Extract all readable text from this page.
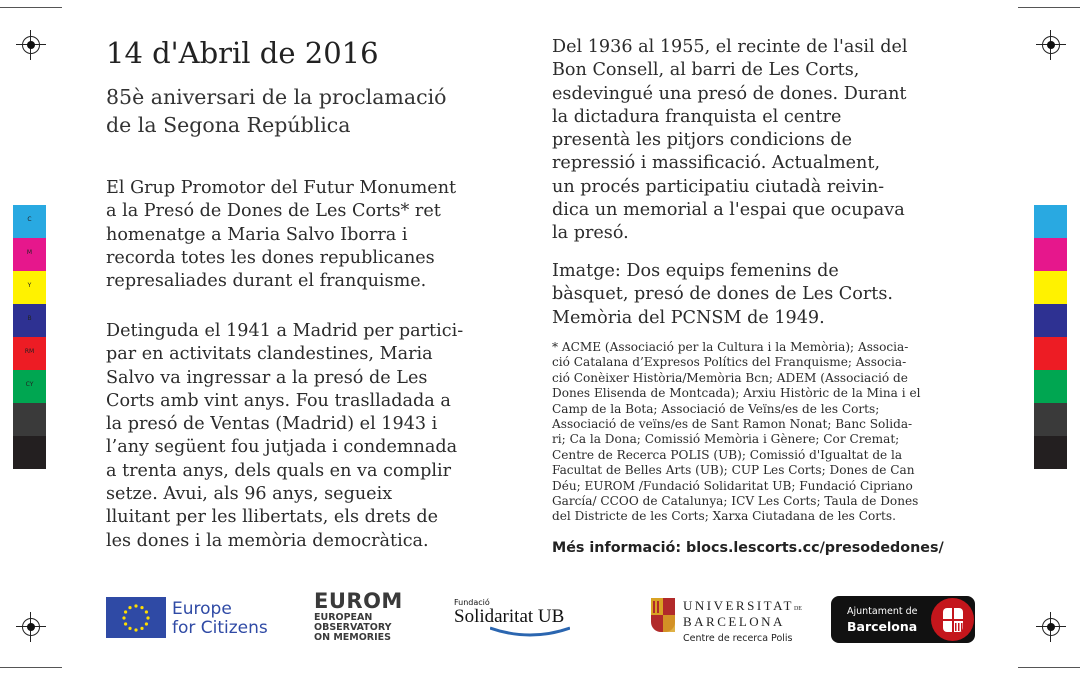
C
M
Y
B
RM
CY
14 d'Abril de 2016
85è aniversari de la proclamació
de la Segona República
El Grup Promotor del Futur Monument
a la Presó de Dones de Les Corts* ret
homenatge a Maria Salvo Iborra i
recorda totes les dones republicanes
represaliades durant el franquisme.
Detinguda el 1941 a Madrid per partici-
par en activitats clandestines, Maria
Salvo va ingressar a la presó de Les
Corts amb vint anys. Fou traslladada a
la presó de Ventas (Madrid) el 1943 i
l’any següent fou jutjada i condemnada
a trenta anys, dels quals en va complir
setze. Avui, als 96 anys, segueix
lluitant per les llibertats, els drets de
les dones i la memòria democràtica.
Del 1936 al 1955, el recinte de l'asil del
Bon Consell, al barri de Les Corts,
esdevingué una presó de dones. Durant
la dictadura franquista el centre
presentà les pitjors condicions de
repressió i massificació. Actualment,
un procés participatiu ciutadà reivin-
dica un memorial a l'espai que ocupava
la presó.
Imatge: Dos equips femenins de
bàsquet, presó de dones de Les Corts.
Memòria del PCNSM de 1949.
* ACME (Associació per la Cultura i la Memòria); Associa-
ció Catalana d’Expresos Polítics del Franquisme; Associa-
ció Conèixer Història/Memòria Bcn; ADEM (Associació de
Dones Elisenda de Montcada); Arxiu Històric de la Mina i el
Camp de la Bota; Associació de Veïns/es de les Corts;
Associació de veïns/es de Sant Ramon Nonat; Banc Solida-
ri; Ca la Dona; Comissió Memòria i Gènere; Cor Cremat;
Centre de Recerca POLIS (UB); Comissió d'Igualtat de la
Facultat de Belles Arts (UB); CUP Les Corts; Dones de Can
Déu; EUROM /Fundació Solidaritat UB; Fundació Cipriano
García/ CCOO de Catalunya; ICV Les Corts; Taula de Dones
del Districte de les Corts; Xarxa Ciutadana de les Corts.
Més informació: blocs.lescorts.cc/presodedones/
Europe
for Citizens
EUROM
EUROPEAN
OBSERVATORY
ON MEMORIES
Fundació
Solidaritat UB
UNIVERSITATDE
BARCELONA
Centre de recerca Polis
Ajuntament de
Barcelona
